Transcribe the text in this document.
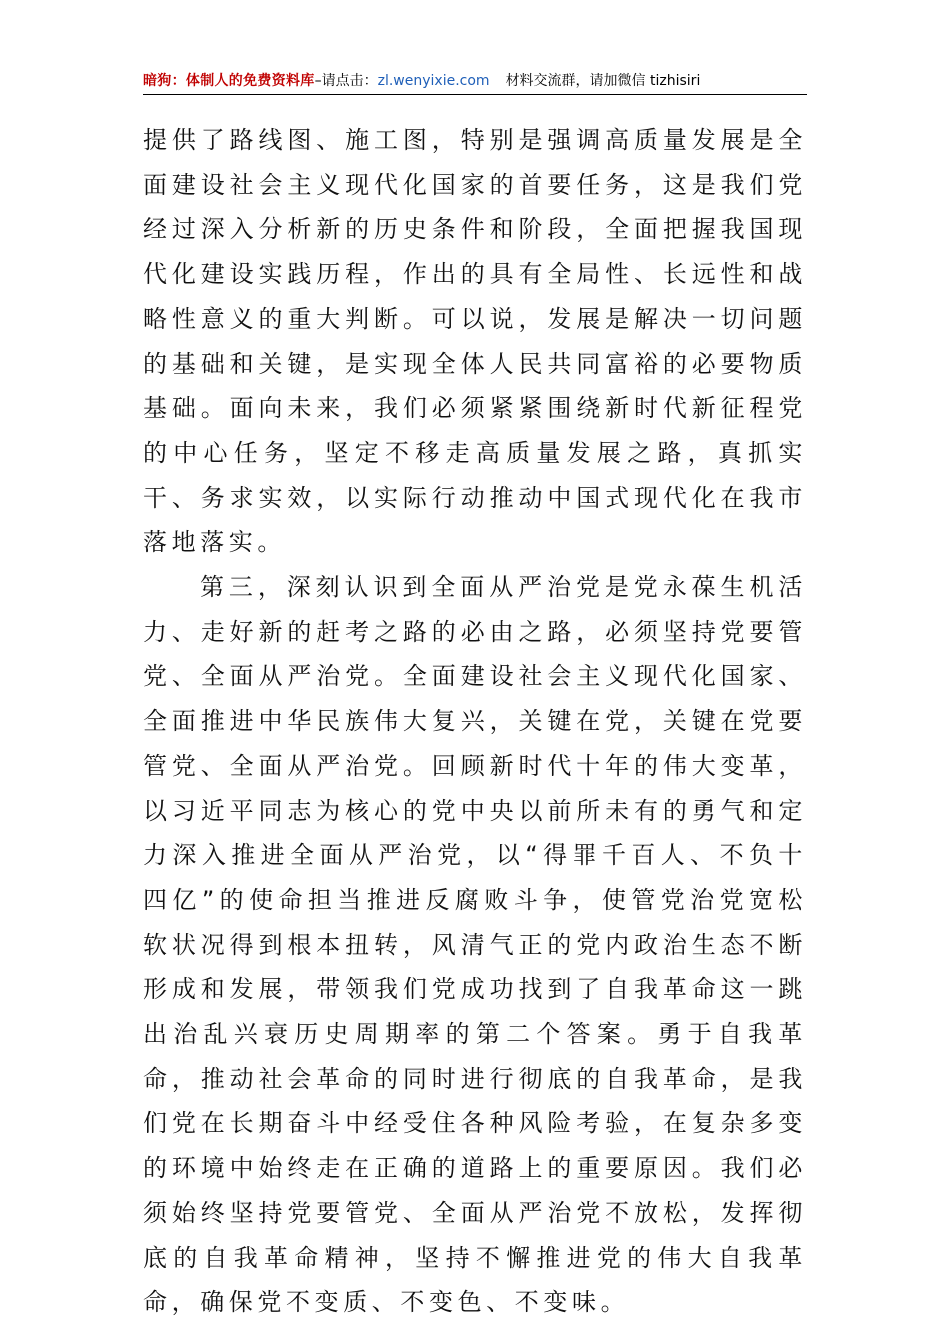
暗狗：体制人的免费资料库–请点击：zl.wenyixie.com 材料交流群，请加微信 tizhisiri

提供了路线图、施工图，特别是强调高质量发展是全面建设社会主义现代化国家的首要任务，这是我们党经过深入分析新的历史条件和阶段，全面把握我国现代化建设实践历程，作出的具有全局性、长远性和战略性意义的重大判断。可以说，发展是解决一切问题的基础和关键，是实现全体人民共同富裕的必要物质基础。面向未来，我们必须紧紧围绕新时代新征程党的中心任务，坚定不移走高质量发展之路，真抓实干、务求实效，以实际行动推动中国式现代化在我市落地落实。

第三，深刻认识到全面从严治党是党永葆生机活力、走好新的赶考之路的必由之路，必须坚持党要管党、全面从严治党。全面建设社会主义现代化国家、全面推进中华民族伟大复兴，关键在党，关键在党要管党、全面从严治党。回顾新时代十年的伟大变革，以习近平同志为核心的党中央以前所未有的勇气和定力深入推进全面从严治党，以“得罪千百人、不负十四亿”的使命担当推进反腐败斗争，使管党治党宽松软状况得到根本扭转，风清气正的党内政治生态不断形成和发展，带领我们党成功找到了自我革命这一跳出治乱兴衰历史周期率的第二个答案。勇于自我革命，推动社会革命的同时进行彻底的自我革命，是我们党在长期奋斗中经受住各种风险考验，在复杂多变的环境中始终走在正确的道路上的重要原因。我们必须始终坚持党要管党、全面从严治党不放松，发挥彻底的自我革命精神，坚持不懈推进党的伟大自我革命，确保党不变质、不变色、不变味。
